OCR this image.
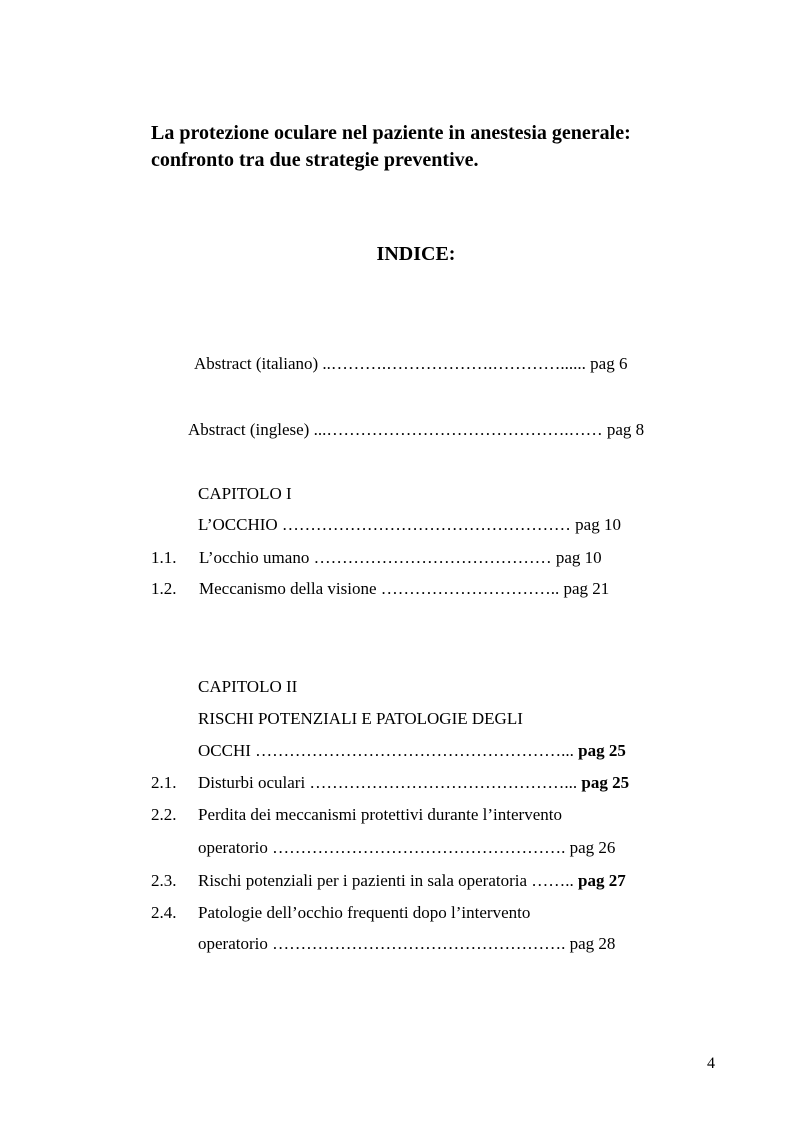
La protezione oculare nel paziente in anestesia generale:
confronto tra due strategie preventive.
INDICE:
Abstract (italiano) ..……….……………….…………...... pag 6
Abstract (inglese) ...…………………………………….…… pag 8
CAPITOLO I
L’OCCHIO …………………………………………… pag 10
1.1. L’occhio umano …………………………………… pag 10
1.2. Meccanismo della visione ………………………….. pag 21
CAPITOLO II
RISCHI POTENZIALI E PATOLOGIE DEGLI
OCCHI ………………………………………………... pag 25
2.1. Disturbi oculari ………………………………………... pag 25
2.2. Perdita dei meccanismi protettivi durante l’intervento
operatorio ……………………………………………. pag 26
2.3. Rischi potenziali per i pazienti in sala operatoria …….. pag 27
2.4. Patologie dell’occhio frequenti dopo l’intervento
operatorio ……………………………………………. pag 28
4
